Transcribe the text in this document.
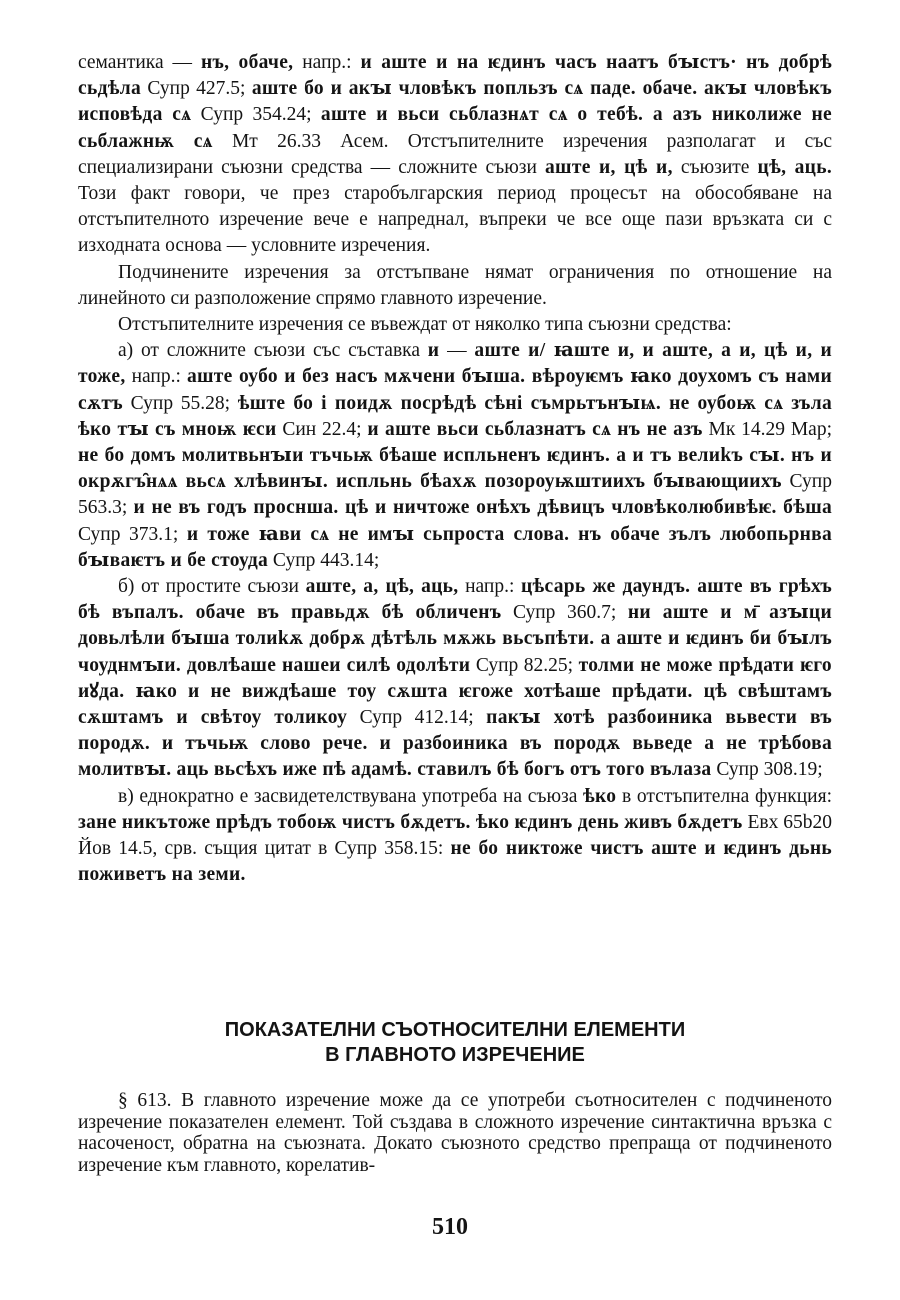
семантика — нъ, обаче, напр.: и аште и на ѥдинъ часъ наатъ бꙑстъ· нъ добрѣ сьдѣла Супр 427.5; аште бо и акꙑ чловѣкъ попльзъ сѧ паде. обаче. акꙑ чловѣкъ исповѣда сѧ Супр 354.24; аште и вьси сьблазнѧт сѧ о тебѣ. а азъ николиже не сьблажнѭ сѧ Мт 26.33 Асем. Отстъпителните изречения разполагат и със специализирани съюзни средства — сложните съюзи аште и, цѣ и, съюзите цѣ, аць. Този факт говори, че през старобългарския период процесът на обособяване на отстъпителното изречение вече е напреднал, въпреки че все още пази връзката си с изходната основа — условните изречения.

Подчинените изречения за отстъпване нямат ограничения по отношение на линейното си разположение спрямо главното изречение.

Отстъпителните изречения се въвеждат от няколко типа съюзни средства:

а) от сложните съюзи със съставка и — аште и/ ꙗште и, и аште, а и, цѣ и, и тоже, напр.: аште оубо и без насъ мѫчени бꙑша. вѣроуѥмъ ꙗко доухомъ съ нами сѫтъ Супр 55.28; ѣште бо і поидѫ посрѣдѣ сѣні съмрьтънꙑѩ. не оубоѭ сѧ зъла ѣко тꙑ съ мноѭ ѥси Син 22.4; и аште вьси сьблазнатъ сѧ нъ не азъ Мк 14.29 Мар; не бо домъ молитвьнꙑи тъчьѭ бѣаше испльненъ ѥдинъ. а и тъ велиkъ сꙑ. нъ и окрѫгъ̑нѧѧ вьсѧ хлѣвинꙑ. испльнь бѣахѫ позороуѭштиихъ бꙑвающиихъ Супр 563.3; и не въ годъ проснша. цѣ и ничтоже онѣхъ дѣвицъ чловѣколюбивѣѥ. бѣша Супр 373.1; и тоже ꙗви сѧ не имꙑ сьпроста слова. нъ обаче зълъ любопьрнва бꙑваѥтъ и бе стоуда Супр 443.14;

б) от простите съюзи аште, а, цѣ, аць, напр.: цѣсарь же даундъ. аште въ грѣхъ бѣ въпалъ. обаче въ правьдѫ бѣ обличенъ Супр 360.7; ни аште и м̄ азꙑци довьлѣли бꙑша толиkѫ добрѫ дѣтѣль мѫжь вьсъпѣти. а аште и ѥдинъ би бꙑлъ чоуднмꙑи. довлѣаше нашеи силѣ одолѣти Супр 82.25; толми не може прѣдати ѥго иꙋда. ꙗко и не виждѣаше тоу сѫшта ѥгоже хотѣаше прѣдати. цѣ свѣштамъ сѫштамъ и свѣтоу толикоу Супр 412.14; пакꙑ хотѣ разбоиника вьвести въ породѫ. и тъчьѭ слово рече. и разбоиника въ породѫ вьведе а не трѣбова молитвꙑ. аць вьсѣхъ иже пѣ адамѣ. ставилъ бѣ богъ отъ того вълаза Супр 308.19;

в) еднократно е засвидетелствувана употреба на съюза ѣко в отстъпителна функция: зане никътоже прѣдъ тобоѭ чистъ бѫдетъ. ѣко ѥдинъ день живъ бѫдетъ Евх 65b20 Йов 14.5, срв. същия цитат в Супр 358.15: не бо никтоже чистъ аште и ѥдинъ дьнь поживетъ на земи.

ПОКАЗАТЕЛНИ СЪОТНОСИТЕЛНИ ЕЛЕМЕНТИ
В ГЛАВНОТО ИЗРЕЧЕНИЕ

§ 613. В главното изречение може да се употреби съотносителен с подчиненото изречение показателен елемент. Той създава в сложното изречение синтактична връзка с насоченост, обратна на съюзната. Докато съюзното средство препраща от подчиненото изречение към главното, корелатив-

510
